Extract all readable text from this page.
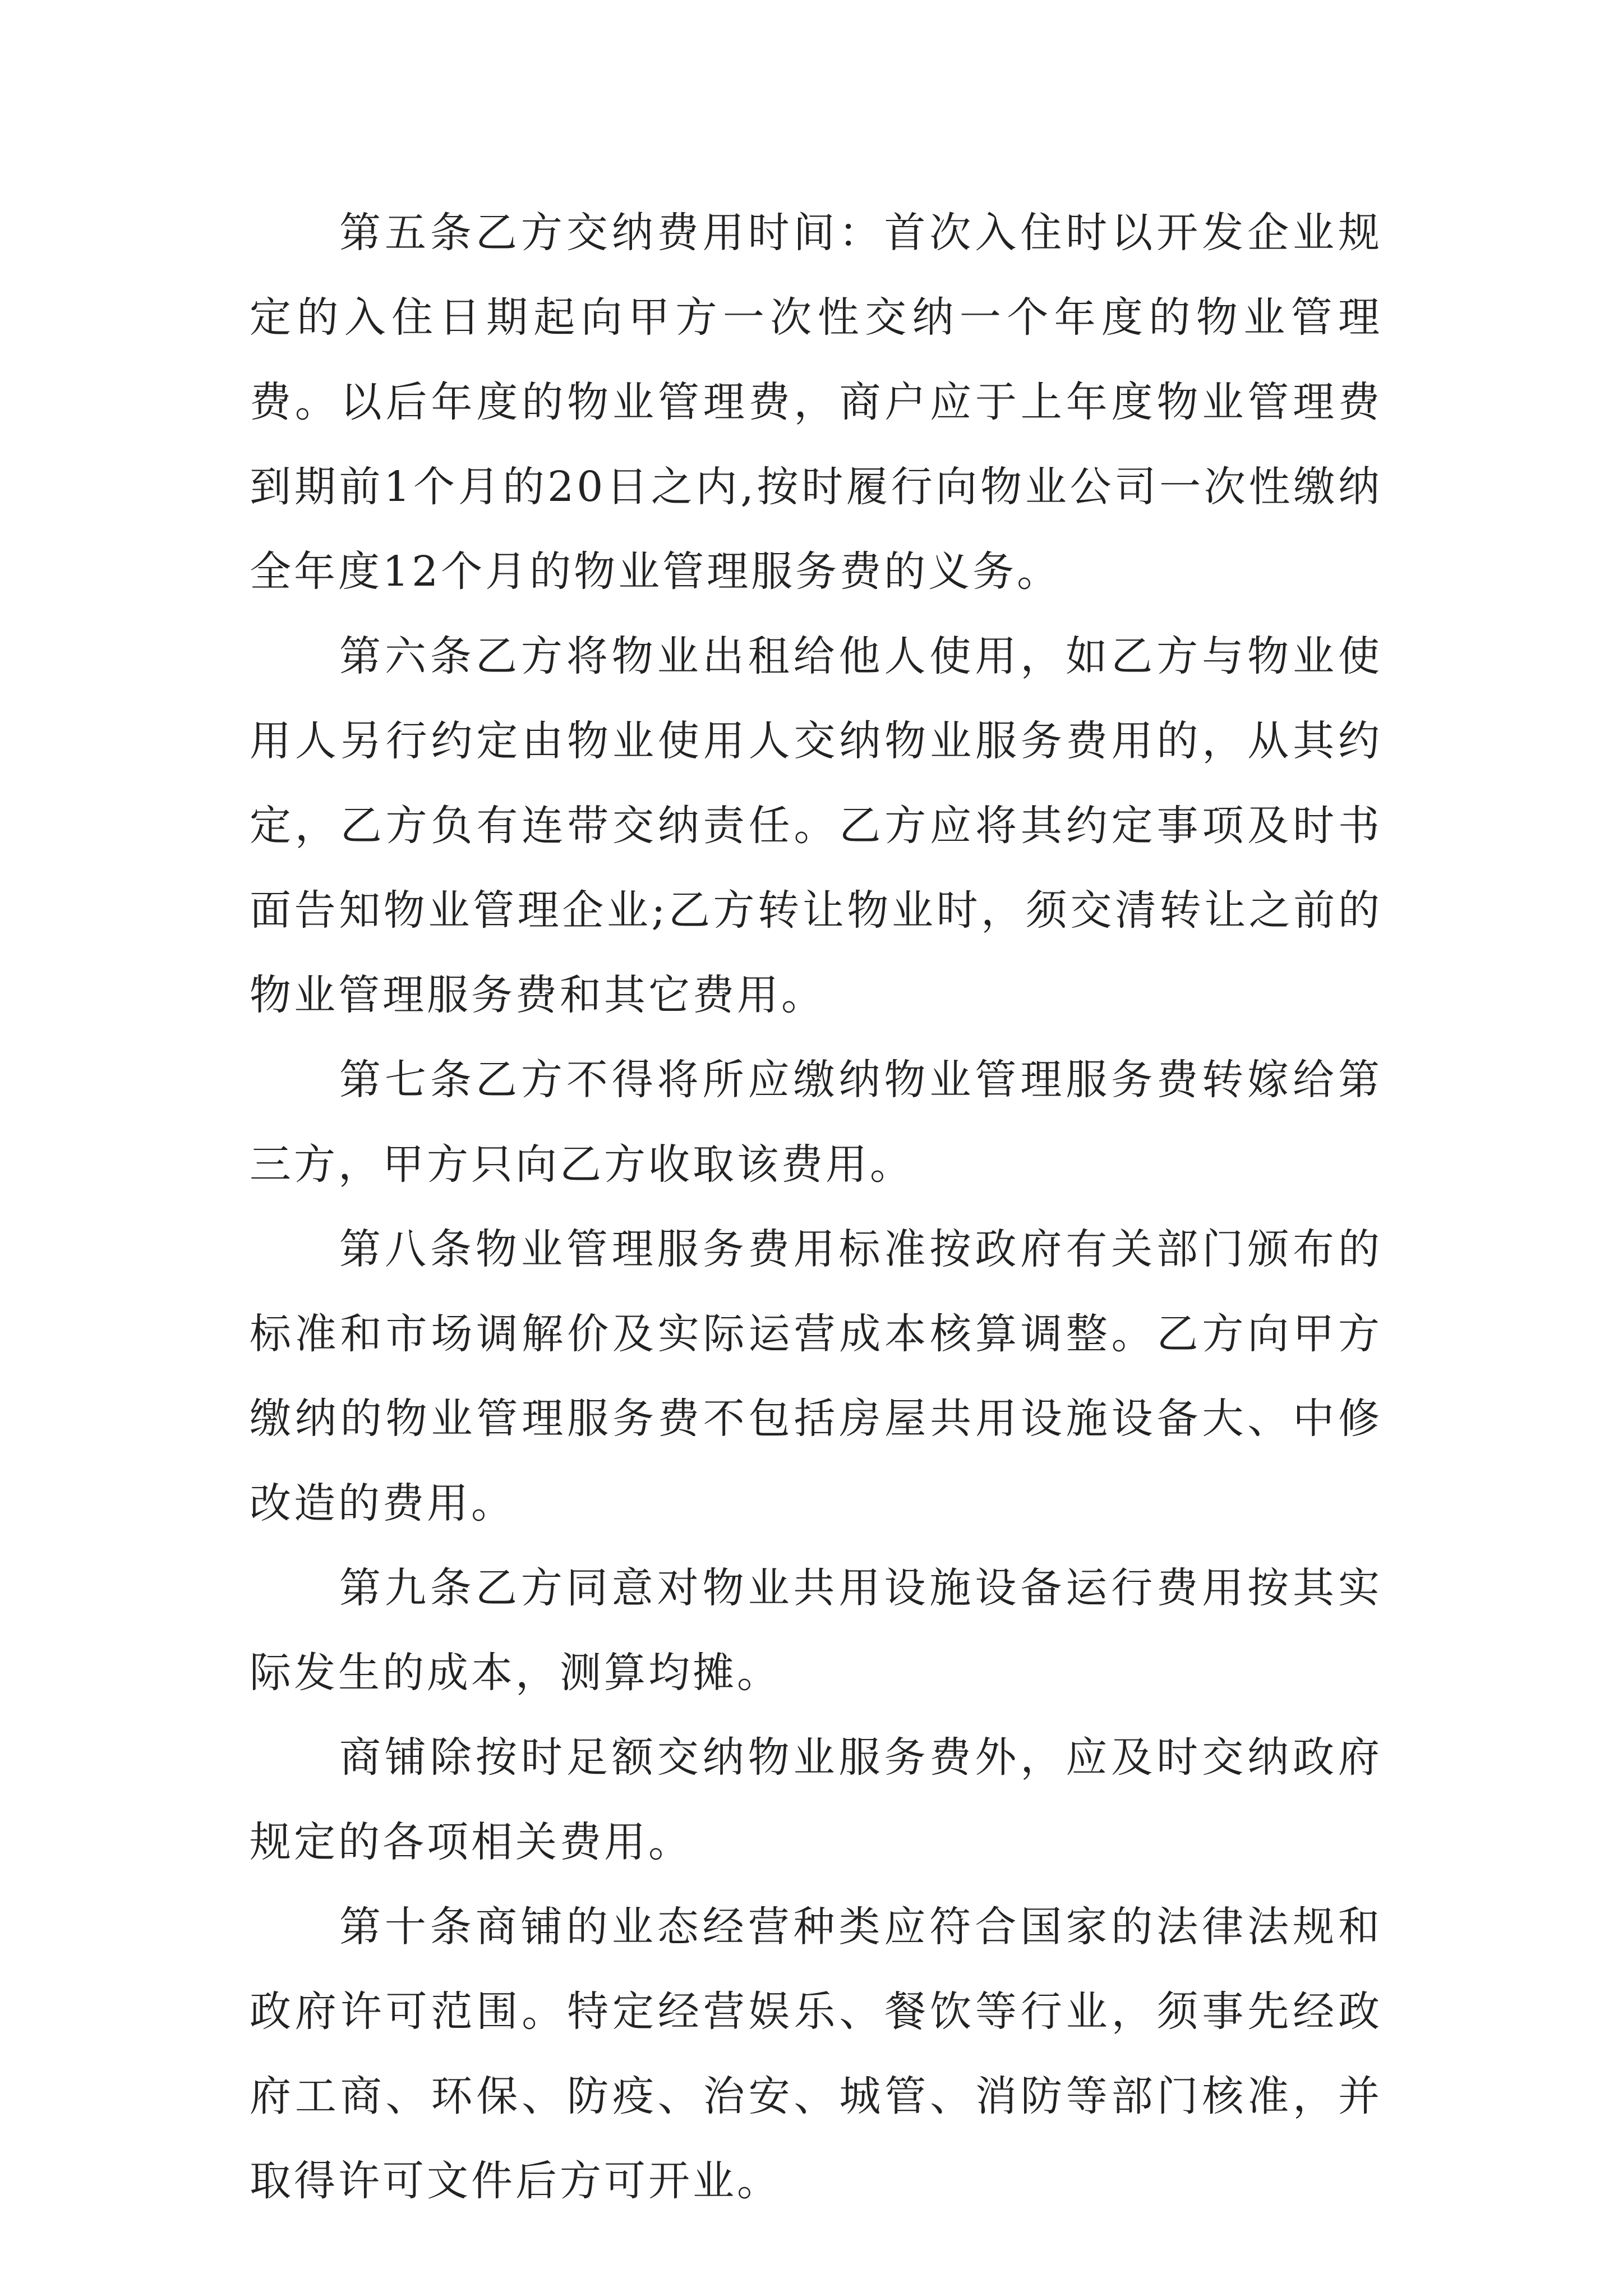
第五条乙方交纳费用时间：首次入住时以开发企业规定的入住日期起向甲方一次性交纳一个年度的物业管理费。以后年度的物业管理费，商户应于上年度物业管理费到期前1个月的20日之内,按时履行向物业公司一次性缴纳全年度12个月的物业管理服务费的义务。

第六条乙方将物业出租给他人使用，如乙方与物业使用人另行约定由物业使用人交纳物业服务费用的，从其约定，乙方负有连带交纳责任。乙方应将其约定事项及时书面告知物业管理企业;乙方转让物业时，须交清转让之前的物业管理服务费和其它费用。

第七条乙方不得将所应缴纳物业管理服务费转嫁给第三方，甲方只向乙方收取该费用。

第八条物业管理服务费用标准按政府有关部门颁布的标准和市场调解价及实际运营成本核算调整。乙方向甲方缴纳的物业管理服务费不包括房屋共用设施设备大、中修改造的费用。

第九条乙方同意对物业共用设施设备运行费用按其实际发生的成本，测算均摊。

商铺除按时足额交纳物业服务费外，应及时交纳政府规定的各项相关费用。

第十条商铺的业态经营种类应符合国家的法律法规和政府许可范围。特定经营娱乐、餐饮等行业，须事先经政府工商、环保、防疫、治安、城管、消防等部门核准，并取得许可文件后方可开业。
